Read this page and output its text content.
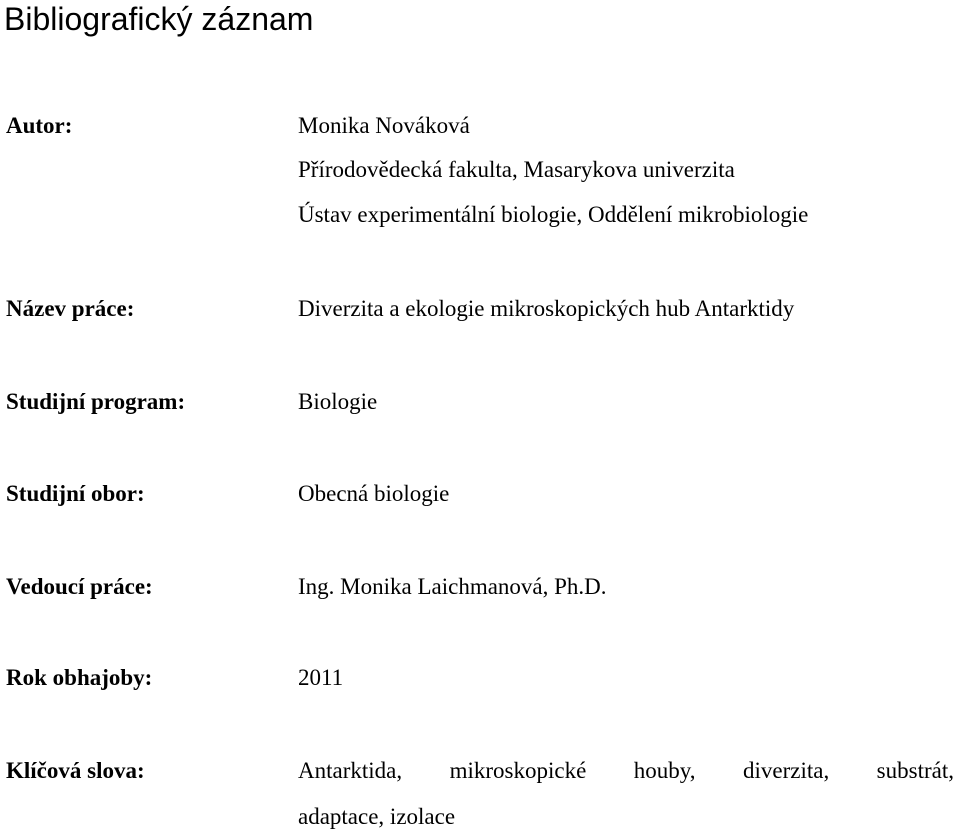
Bibliografický záznam
Autor:	Monika Nováková
Přírodovědecká fakulta, Masarykova univerzita
Ústav experimentální biologie, Oddělení mikrobiologie
Název práce:	Diverzita a ekologie mikroskopických hub Antarktidy
Studijní program:	Biologie
Studijní obor:	Obecná biologie
Vedoucí práce:	Ing. Monika Laichmanová, Ph.D.
Rok obhajoby:	2011
Klíčová slova:	Antarktida, mikroskopické houby, diverzita, substrát,
adaptace, izolace
